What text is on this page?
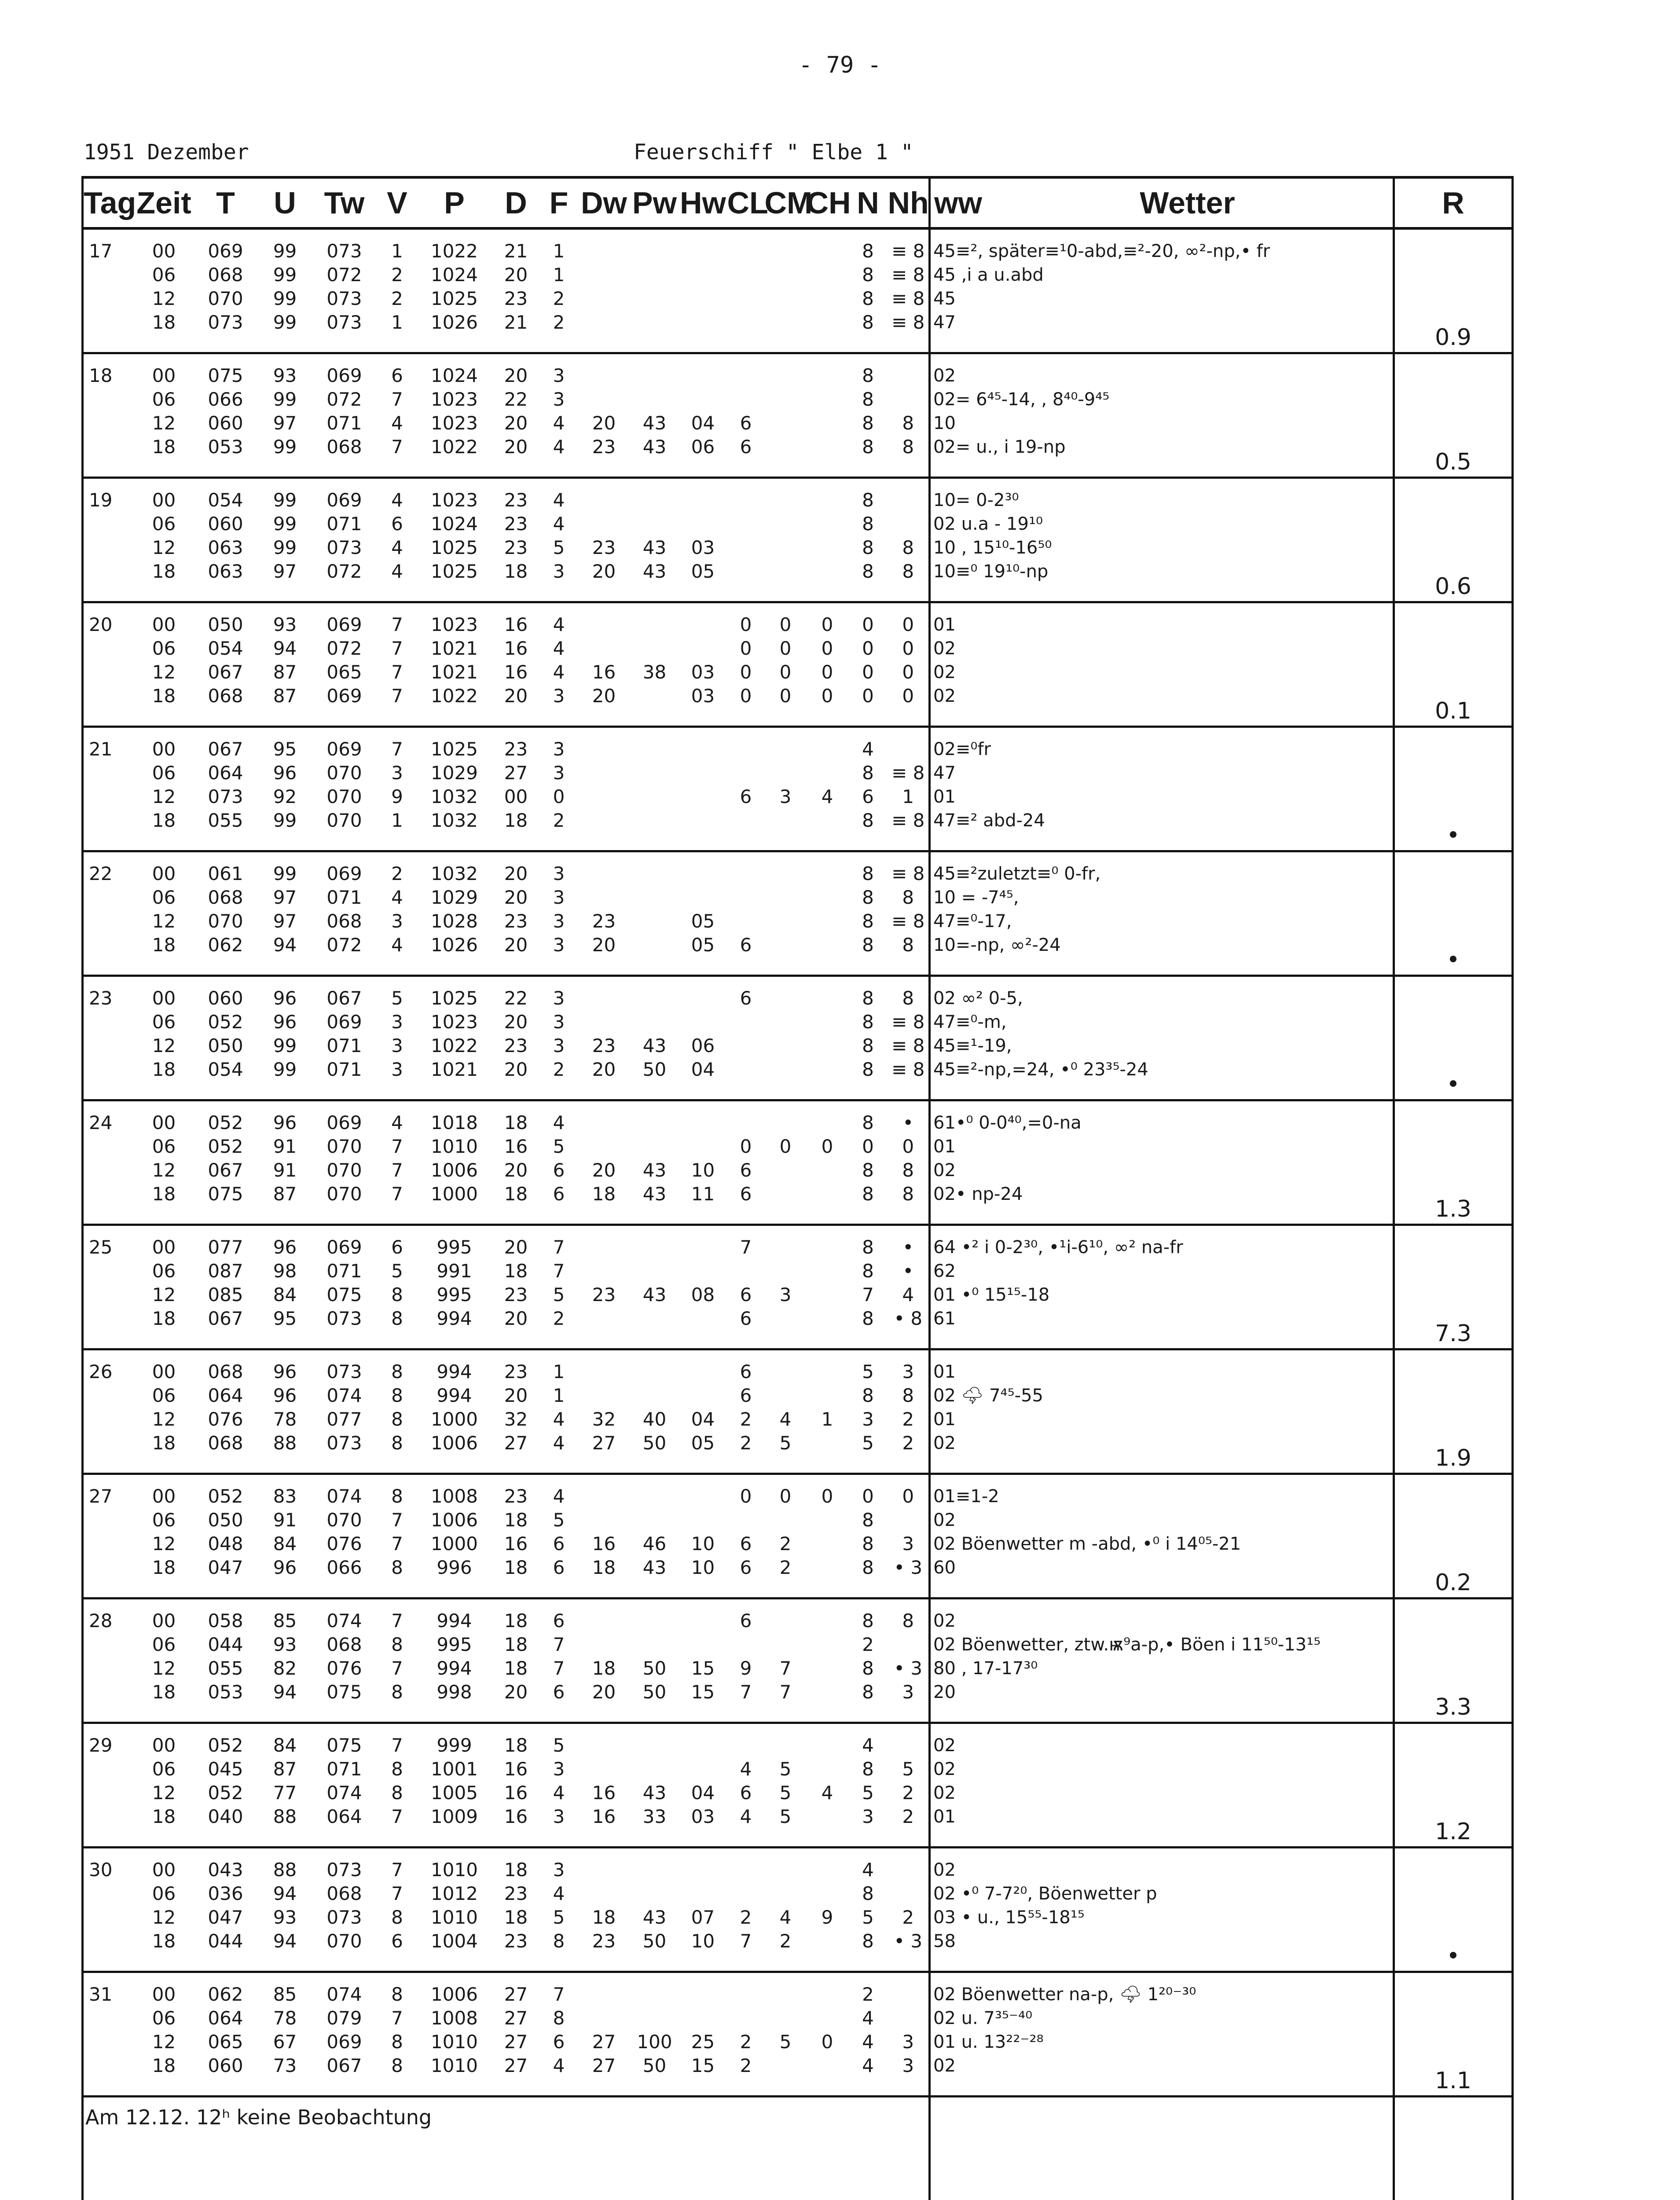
- 79 -
1951 Dezember	Feuerschiff " Elbe 1 "
Tag	Zeit	T	U	Tw	V	P	D	F	Dw	Pw	Hw	CL	CM	CH	N	Nh	ww Wetter	R
17	00	069	99	073	1	1022	21	1							8	≡ 8	45≡², später≡¹0-abd,≡²-20, ∞²-np,• fr	0.9
	06	068	99	072	2	1024	20	1							8	≡ 8	45 ,ⅰ a u.abd	
	12	070	99	073	2	1025	23	2							8	≡ 8	45	
	18	073	99	073	1	1026	21	2							8	≡ 8	47	
18	00	075	93	069	6	1024	20	3							8		02	0.5
	06	066	99	072	7	1023	22	3							8		02= 6⁴⁵-14, , 8⁴⁰-9⁴⁵	
	12	060	97	071	4	1023	20	4	20	43	04	6			8	8	10	
	18	053	99	068	7	1022	20	4	23	43	06	6			8	8	02= u., ⅰ 19-np	
19	00	054	99	069	4	1023	23	4							8		10= 0-2³⁰	0.6
	06	060	99	071	6	1024	23	4							8		02 u.a - 19¹⁰	
	12	063	99	073	4	1025	23	5	23	43	03				8	8	10 , 15¹⁰-16⁵⁰	
	18	063	97	072	4	1025	18	3	20	43	05				8	8	10≡⁰ 19¹⁰-np	
20	00	050	93	069	7	1023	16	4				0	0	0	0	0	01	0.1
	06	054	94	072	7	1021	16	4				0	0	0	0	0	02	
	12	067	87	065	7	1021	16	4	16	38	03	0	0	0	0	0	02	
	18	068	87	069	7	1022	20	3	20		03	0	0	0	0	0	02	
21	00	067	95	069	7	1025	23	3							4		02≡⁰fr	•
	06	064	96	070	3	1029	27	3							8	≡ 8	47	
	12	073	92	070	9	1032	00	0				6	3	4	6	1	01	
	18	055	99	070	1	1032	18	2							8	≡ 8	47≡² abd-24	
22	00	061	99	069	2	1032	20	3							8	≡ 8	45≡²zuletzt≡⁰ 0-fr,	•
	06	068	97	071	4	1029	20	3							8	8	10 = -7⁴⁵,	
	12	070	97	068	3	1028	23	3	23		05				8	≡ 8	47≡⁰-17,	
	18	062	94	072	4	1026	20	3	20		05	6			8	8	10=-np, ∞²-24	
23	00	060	96	067	5	1025	22	3				6			8	8	02 ∞² 0-5,	•
	06	052	96	069	3	1023	20	3							8	≡ 8	47≡⁰-m,	
	12	050	99	071	3	1022	23	3	23	43	06				8	≡ 8	45≡¹-19,	
	18	054	99	071	3	1021	20	2	20	50	04				8	≡ 8	45≡²-np,=24, •⁰ 23³⁵-24	
24	00	052	96	069	4	1018	18	4							8	•	61•⁰ 0-0⁴⁰,=0-na	1.3
	06	052	91	070	7	1010	16	5				0	0	0	0	0	01	
	12	067	91	070	7	1006	20	6	20	43	10	6			8	8	02	
	18	075	87	070	7	1000	18	6	18	43	11	6			8	8	02• np-24	
25	00	077	96	069	6	995	20	7				7			8	•	64 •² ⅰ 0-2³⁰, •¹ⅰ-6¹⁰, ∞² na-fr	7.3
	06	087	98	071	5	991	18	7							8	•	62	
	12	085	84	075	8	995	23	5	23	43	08	6	3		7	4	01 •⁰ 15¹⁵-18	
	18	067	95	073	8	994	20	2				6			8	• 8	61	
26	00	068	96	073	8	994	23	1				6			5	3	01	1.9
	06	064	96	074	8	994	20	1				6			8	8	02 🌩 7⁴⁵-55	
	12	076	78	077	8	1000	32	4	32	40	04	2	4	1	3	2	01	
	18	068	88	073	8	1006	27	4	27	50	05	2	5		5	2	02	
27	00	052	83	074	8	1008	23	4				0	0	0	0	0	01≡1-2	0.2
	06	050	91	070	7	1006	18	5							8		02	
	12	048	84	076	7	1000	16	6	16	46	10	6	2		8	3	02 Böenwetter m -abd, •⁰ ⅰ 14⁰⁵-21	
	18	047	96	066	8	996	18	6	18	43	10	6	2		8	• 3	60	
28	00	058	85	074	7	994	18	6				6			8	8	02	3.3
	06	044	93	068	8	995	18	7							2		02 Böenwetter, ztw.ѭ⁹a-p,• Böen ⅰ 11⁵⁰-13¹⁵	
	12	055	82	076	7	994	18	7	18	50	15	9	7		8	• 3	80 , 17-17³⁰	
	18	053	94	075	8	998	20	6	20	50	15	7	7		8	3	20	
29	00	052	84	075	7	999	18	5							4		02	1.2
	06	045	87	071	8	1001	16	3				4	5		8	5	02	
	12	052	77	074	8	1005	16	4	16	43	04	6	5	4	5	2	02	
	18	040	88	064	7	1009	16	3	16	33	03	4	5		3	2	01	
30	00	043	88	073	7	1010	18	3							4		02	•
	06	036	94	068	7	1012	23	4							8		02 •⁰ 7-7²⁰, Böenwetter p	
	12	047	93	073	8	1010	18	5	18	43	07	2	4	9	5	2	03 • u., 15⁵⁵-18¹⁵	
	18	044	94	070	6	1004	23	8	23	50	10	7	2		8	• 3	58	
31	00	062	85	074	8	1006	27	7							2		02 Böenwetter na-p, 🌩 1²⁰⁻³⁰	1.1
	06	064	78	079	7	1008	27	8							4		02 u. 7³⁵⁻⁴⁰	
	12	065	67	069	8	1010	27	6	27	100	25	2	5	0	4	3	01 u. 13²²⁻²⁸	
	18	060	73	067	8	1010	27	4	27	50	15	2			4	3	02	
Am 12.12. 12ʰ keine Beobachtung																		
